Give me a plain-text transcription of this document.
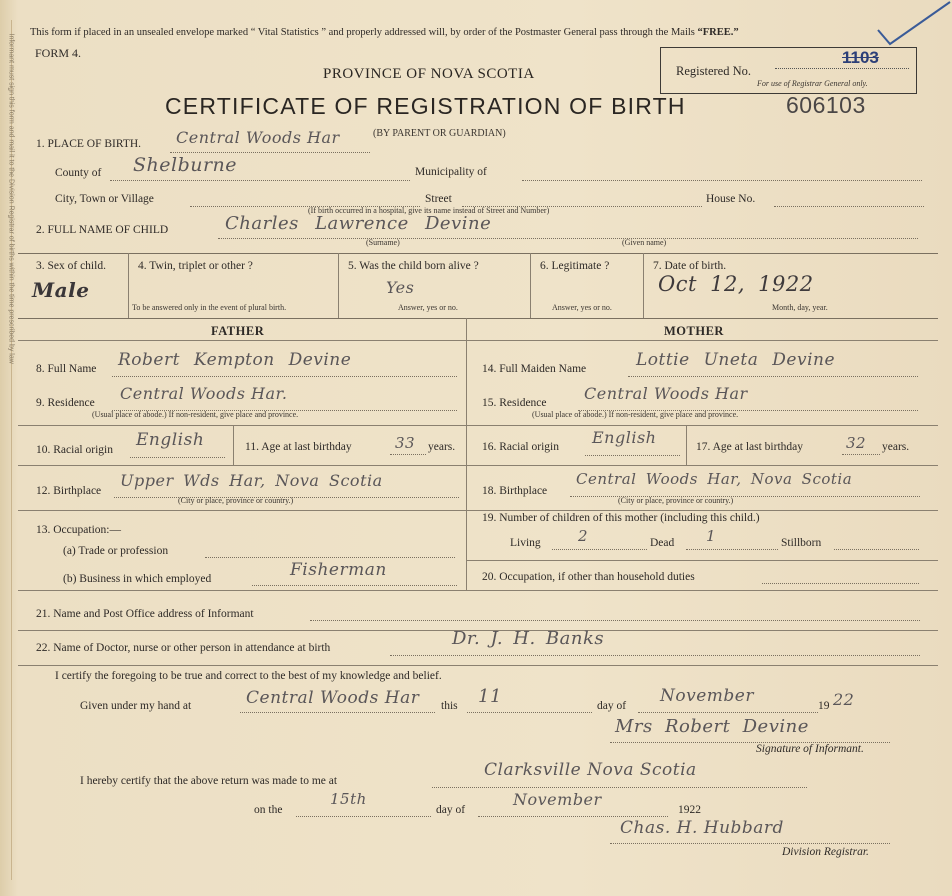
Informant must sign this form and mail it to the Division Registrar of births within the time prescribed by law
This form if placed in an unsealed envelope marked “ Vital Statistics ” and properly addressed will, by order of the Postmaster General pass through the Mails “FREE.”
FORM 4.
Registered No.
1103
For use of Registrar General only.
PROVINCE OF NOVA SCOTIA
CERTIFICATE OF REGISTRATION OF BIRTH	606103
1. PLACE OF BIRTH. Central Woods Har	(BY PARENT OR GUARDIAN)
County of Shelburne	Municipality of
City, Town or Village	Street	House No.
(If birth occurred in a hospital, give its name instead of Street and Number)
2. FULL NAME OF CHILD	Charles Lawrence Devine
(Surname)	(Given name)
3. Sex of child.
Male
4. Twin, triplet or other ?
To be answered only in the event of plural birth.
5. Was the child born alive ?
Yes
Answer, yes or no.
6. Legitimate ?
Answer, yes or no.
7. Date of birth.
Oct 12, 1922
Month, day, year.
FATHER	MOTHER
8. Full Name Robert Kempton Devine
9. Residence Central Woods Har.
(Usual place of abode.) If non-resident, give place and province.
10. Racial origin English	11. Age at last birthday	33 years.
12. Birthplace
Upper Wds Har, Nova Scotia
(City or place, province or country.)
13. Occupation:—
(a) Trade or profession
(b) Business in which employed	Fisherman
14. Full Maiden Name	Lottie Uneta Devine
15. Residence Central Woods Har
(Usual place of abode.) If non-resident, give place and province.
16. Racial origin English	17. Age at last birthday	32 years.
18. Birthplace
Central Woods Har, Nova Scotia
(City or place, province or country.)
19. Number of children of this mother (including this child.)
Living 2	Dead 1	Stillborn
20. Occupation, if other than household duties
21. Name and Post Office address of Informant
22. Name of Doctor, nurse or other person in attendance at birth	Dr. J. H. Banks
I certify the foregoing to be true and correct to the best of my knowledge and belief.
Given under my hand at	Central Woods Har this 11	day of November	19 22
Mrs Robert Devine
Signature of Informant.
I hereby certify that the above return was made to me at
Clarksville Nova Scotia
on the
15th
day of
November
1922
Chas. H. Hubbard
Division Registrar.
